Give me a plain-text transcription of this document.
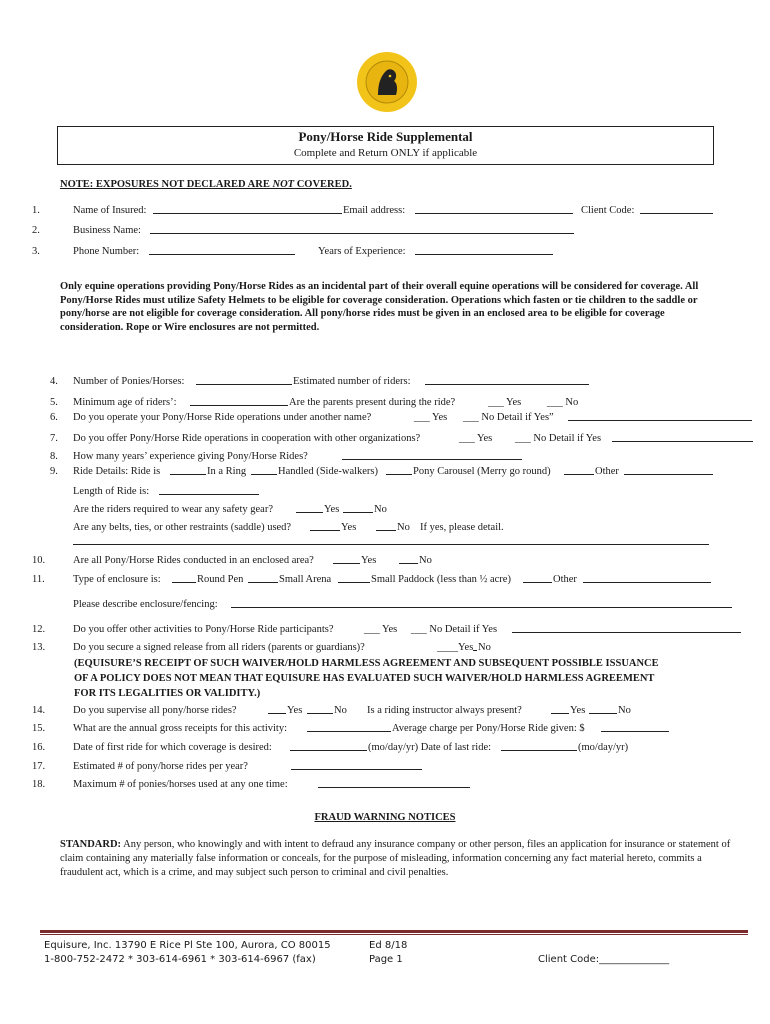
Pony/Horse Ride Supplemental
Complete and Return ONLY if applicable
NOTE: EXPOSURES NOT DECLARED ARE NOT COVERED.
1.	Name of Insured:	Email address:	Client Code:
2.	Business Name:
3.	Phone Number:	Years of Experience:
Only equine operations providing Pony/Horse Rides as an incidental part of their overall equine operations will be considered for coverage. All Pony/Horse Rides must utilize Safety Helmets to be eligible for coverage consideration. Operations which fasten or tie children to the saddle or pony/horse are not eligible for coverage consideration. All pony/horse rides must be given in an enclosed area to be eligible for coverage consideration. Rope or Wire enclosures are not permitted.
4. Number of Ponies/Horses:	Estimated number of riders:
5. Minimum age of riders’:	Are the parents present during the ride?	___ Yes ___ No
6. Do you operate your Pony/Horse Ride operations under another name?	___ Yes ___ No Detail if Yes”
7. Do you offer Pony/Horse Ride operations in cooperation with other organizations?	___ Yes ___ No Detail if Yes
8. How many years’ experience giving Pony/Horse Rides?
9. Ride Details: Ride is	In a Ring	Handled (Side-walkers)	Pony Carousel (Merry go round)	Other
Length of Ride is:
Are the riders required to wear any safety gear?	Yes	No
Are any belts, ties, or other restraints (saddle) used?	Yes	No If yes, please detail.
10.	Are all Pony/Horse Rides conducted in an enclosed area?	Yes	No
11.	Type of enclosure is:	Round Pen	Small Arena	Small Paddock (less than ½ acre)	Other
Please describe enclosure/fencing:
12.	Do you offer other activities to Pony/Horse Ride participants?	___ Yes ___ No Detail if Yes
13.	Do you secure a signed release from all riders (parents or guardians)?	____Yes No
(EQUISURE’S RECEIPT OF SUCH WAIVER/HOLD HARMLESS AGREEMENT AND SUBSEQUENT POSSIBLE ISSUANCE OF A POLICY DOES NOT MEAN THAT EQUISURE HAS EVALUATED SUCH WAIVER/HOLD HARMLESS AGREEMENT FOR ITS LEGALITIES OR VALIDITY.)
14.	Do you supervise all pony/horse rides?	Yes	No Is a riding instructor always present?	Yes	No
15.	What are the annual gross receipts for this activity:	Average charge per Pony/Horse Ride given: $
16.	Date of first ride for which coverage is desired:	(mo/day/yr) Date of last ride:	(mo/day/yr)
17.	Estimated # of pony/horse rides per year?
18.	Maximum # of ponies/horses used at any one time:
FRAUD WARNING NOTICES
STANDARD: Any person, who knowingly and with intent to defraud any insurance company or other person, files an application for insurance or statement of claim containing any materially false information or conceals, for the purpose of misleading, information concerning any fact material hereto, commits a fraudulent act, which is a crime, and may subject such person to criminal and civil penalties.
Equisure, Inc. 13790 E Rice Pl Ste 100, Aurora, CO 80015
1-800-752-2472 * 303-614-6961 * 303-614-6967 (fax)
Ed 8/18
Page 1	Client Code:______________
